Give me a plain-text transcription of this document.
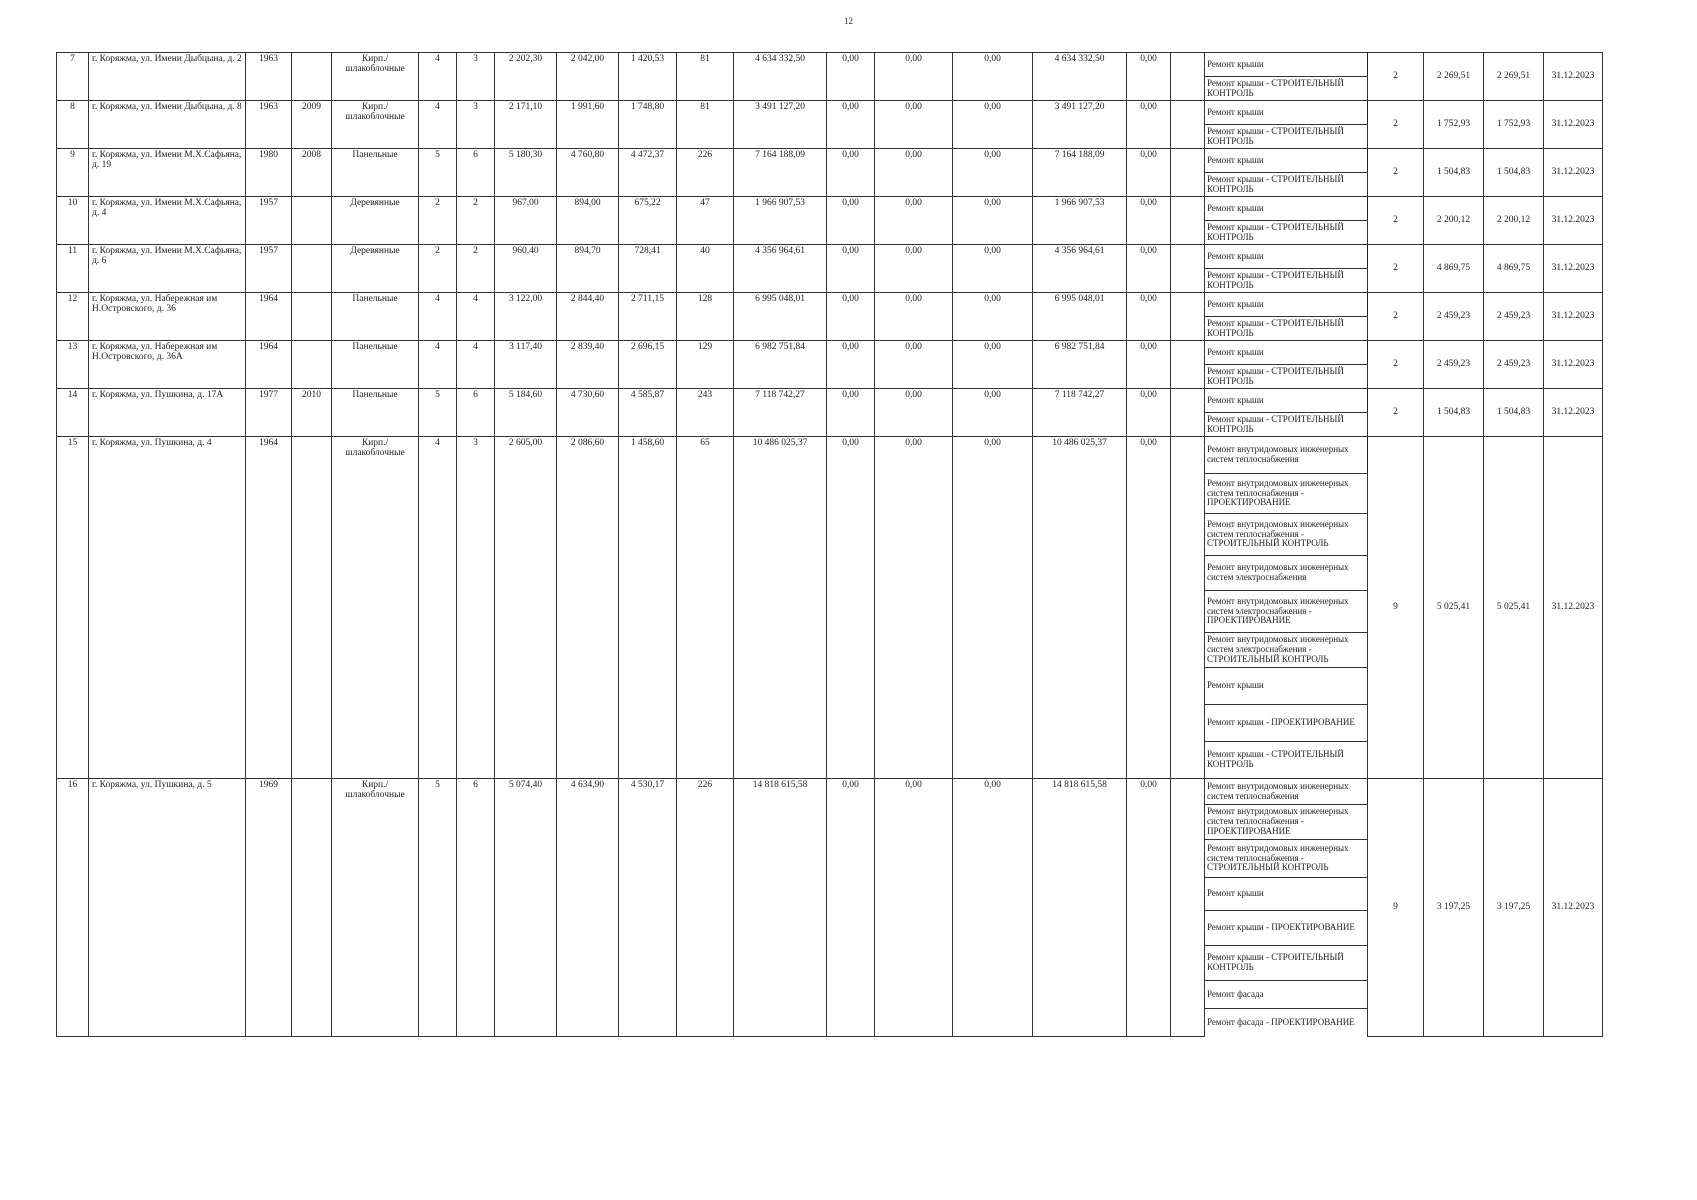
12
7	г. Коряжма, ул. Имени Дыбцына, д. 2	1963		Кирп./ шлакоблочные	4	3	2 202,30	2 042,00	1 420,53	81	4 634 332,50	0,00	0,00	0,00	4 634 332,50	0,00		Ремонт крыши	2	2 269,51	2 269,51	31.12.2023
																		Ремонт крыши - СТРОИТЕЛЬНЫЙ КОНТРОЛЬ				
8	г. Коряжма, ул. Имени Дыбцына, д. 8	1963	2009	Кирп./ шлакоблочные	4	3	2 171,10	1 991,60	1 748,80	81	3 491 127,20	0,00	0,00	0,00	3 491 127,20	0,00		Ремонт крыши	2	1 752,93	1 752,93	31.12.2023
																		Ремонт крыши - СТРОИТЕЛЬНЫЙ КОНТРОЛЬ				
9	г. Коряжма, ул. Имени М.Х.Сафьяна, д. 19	1980	2008	Панельные	5	6	5 180,30	4 760,80	4 472,37	226	7 164 188,09	0,00	0,00	0,00	7 164 188,09	0,00		Ремонт крыши	2	1 504,83	1 504,83	31.12.2023
																		Ремонт крыши - СТРОИТЕЛЬНЫЙ КОНТРОЛЬ				
10	г. Коряжма, ул. Имени М.Х.Сафьяна, д. 4	1957		Деревянные	2	2	967,00	894,00	675,22	47	1 966 907,53	0,00	0,00	0,00	1 966 907,53	0,00		Ремонт крыши	2	2 200,12	2 200,12	31.12.2023
																		Ремонт крыши - СТРОИТЕЛЬНЫЙ КОНТРОЛЬ				
11	г. Коряжма, ул. Имени М.Х.Сафьяна, д. 6	1957		Деревянные	2	2	960,40	894,70	728,41	40	4 356 964,61	0,00	0,00	0,00	4 356 964,61	0,00		Ремонт крыши	2	4 869,75	4 869,75	31.12.2023
																		Ремонт крыши - СТРОИТЕЛЬНЫЙ КОНТРОЛЬ				
12	г. Коряжма, ул. Набережная им Н.Островского, д. 36	1964		Панельные	4	4	3 122,00	2 844,40	2 711,15	128	6 995 048,01	0,00	0,00	0,00	6 995 048,01	0,00		Ремонт крыши	2	2 459,23	2 459,23	31.12.2023
																		Ремонт крыши - СТРОИТЕЛЬНЫЙ КОНТРОЛЬ				
13	г. Коряжма, ул. Набережная им Н.Островского, д. 36А	1964		Панельные	4	4	3 117,40	2 839,40	2 696,15	129	6 982 751,84	0,00	0,00	0,00	6 982 751,84	0,00		Ремонт крыши	2	2 459,23	2 459,23	31.12.2023
																		Ремонт крыши - СТРОИТЕЛЬНЫЙ КОНТРОЛЬ				
14	г. Коряжма, ул. Пушкина, д. 17А	1977	2010	Панельные	5	6	5 184,60	4 730,60	4 585,87	243	7 118 742,27	0,00	0,00	0,00	7 118 742,27	0,00		Ремонт крыши	2	1 504,83	1 504,83	31.12.2023
																		Ремонт крыши - СТРОИТЕЛЬНЫЙ КОНТРОЛЬ				
15	г. Коряжма, ул. Пушкина, д. 4	1964		Кирп./ шлакоблочные	4	3	2 605,00	2 086,60	1 458,60	65	10 486 025,37	0,00	0,00	0,00	10 486 025,37	0,00		Ремонт внутридомовых инженерных систем теплоснабжения	9	5 025,41	5 025,41	31.12.2023
																		Ремонт внутридомовых инженерных систем теплоснабжения - ПРОЕКТИРОВАНИЕ				
																		Ремонт внутридомовых инженерных систем теплоснабжения - СТРОИТЕЛЬНЫЙ КОНТРОЛЬ				
																		Ремонт внутридомовых инженерных систем электроснабжения				
																		Ремонт внутридомовых инженерных систем электроснабжения - ПРОЕКТИРОВАНИЕ				
																		Ремонт внутридомовых инженерных систем электроснабжения - СТРОИТЕЛЬНЫЙ КОНТРОЛЬ				
																		Ремонт крыши				
																		Ремонт крыши - ПРОЕКТИРОВАНИЕ				
																		Ремонт крыши - СТРОИТЕЛЬНЫЙ КОНТРОЛЬ				
16	г. Коряжма, ул. Пушкина, д. 5	1969		Кирп./ шлакоблочные	5	6	5 074,40	4 634,90	4 530,17	226	14 818 615,58	0,00	0,00	0,00	14 818 615,58	0,00		Ремонт внутридомовых инженерных систем теплоснабжения	9	3 197,25	3 197,25	31.12.2023
																		Ремонт внутридомовых инженерных систем теплоснабжения - ПРОЕКТИРОВАНИЕ				
																		Ремонт внутридомовых инженерных систем теплоснабжения - СТРОИТЕЛЬНЫЙ КОНТРОЛЬ				
																		Ремонт крыши				
																		Ремонт крыши - ПРОЕКТИРОВАНИЕ				
																		Ремонт крыши - СТРОИТЕЛЬНЫЙ КОНТРОЛЬ				
																		Ремонт фасада				
																		Ремонт фасада - ПРОЕКТИРОВАНИЕ				
